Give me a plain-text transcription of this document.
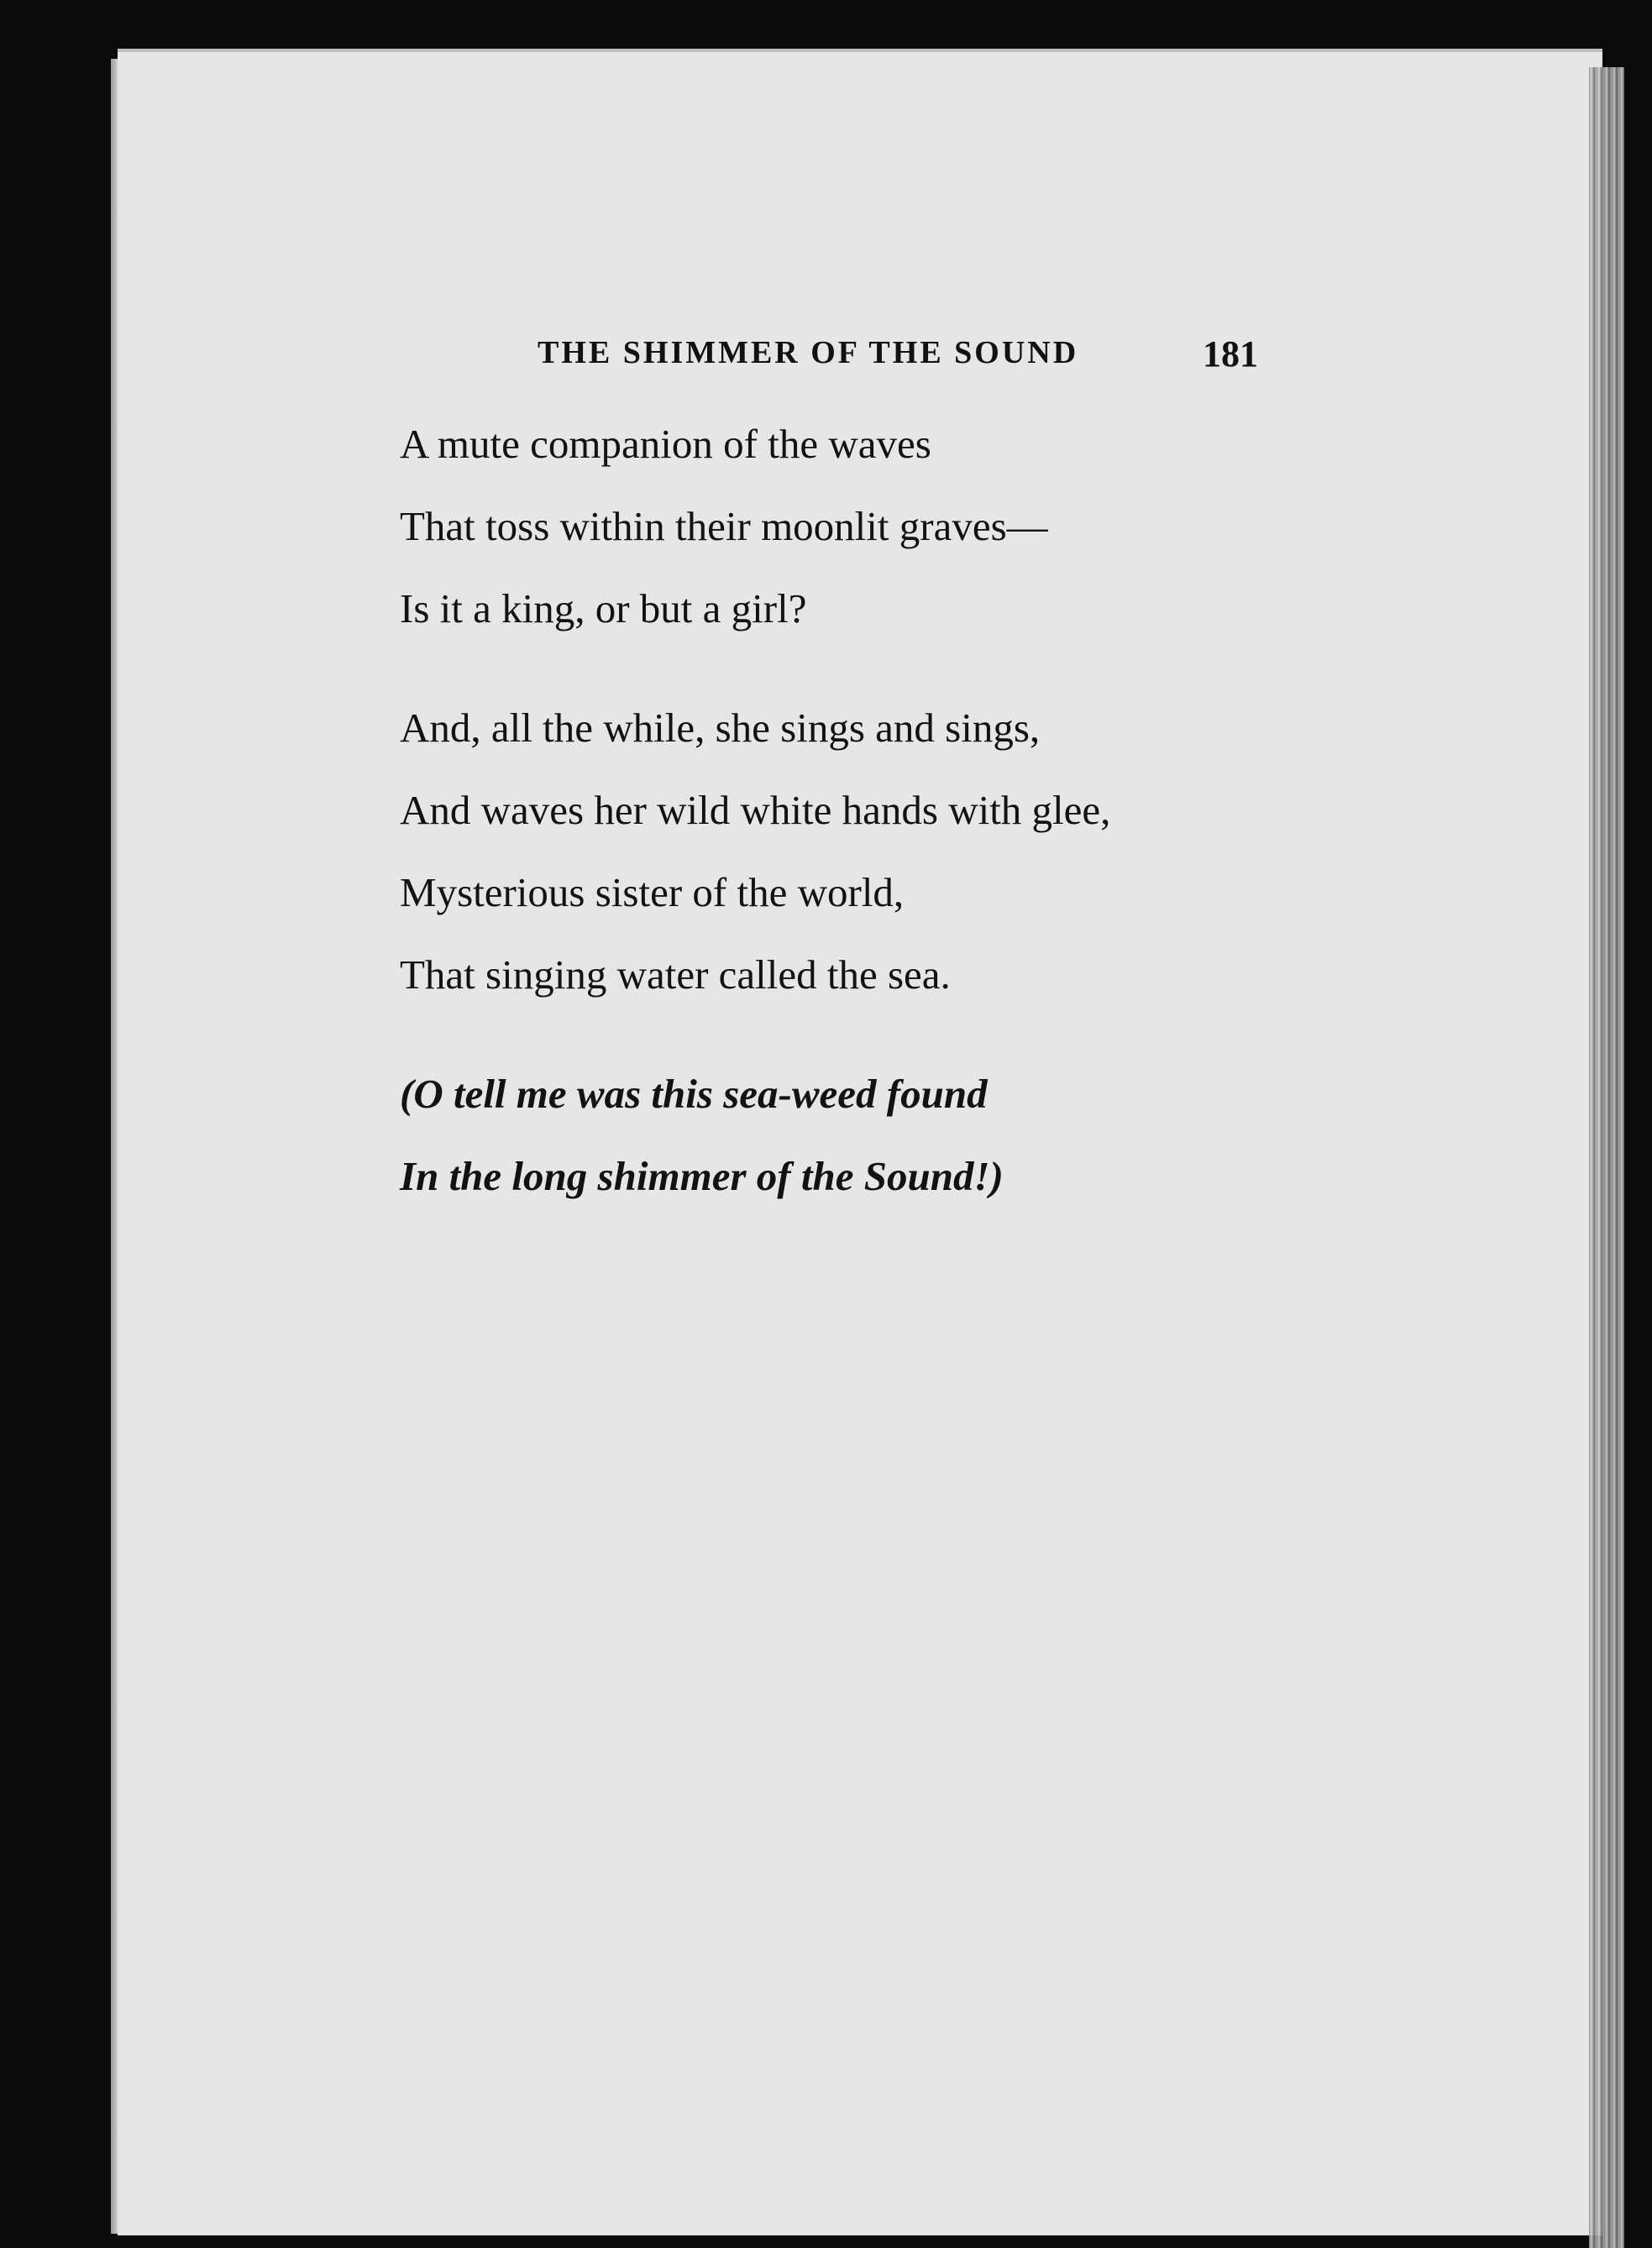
THE SHIMMER OF THE SOUND	181
A mute companion of the waves
That toss within their moonlit graves—
Is it a king, or but a girl?
And, all the while, she sings and sings,
And waves her wild white hands with glee,
Mysterious sister of the world,
That singing water called the sea.
(O tell me was this sea-weed found
In the long shimmer of the Sound!)
